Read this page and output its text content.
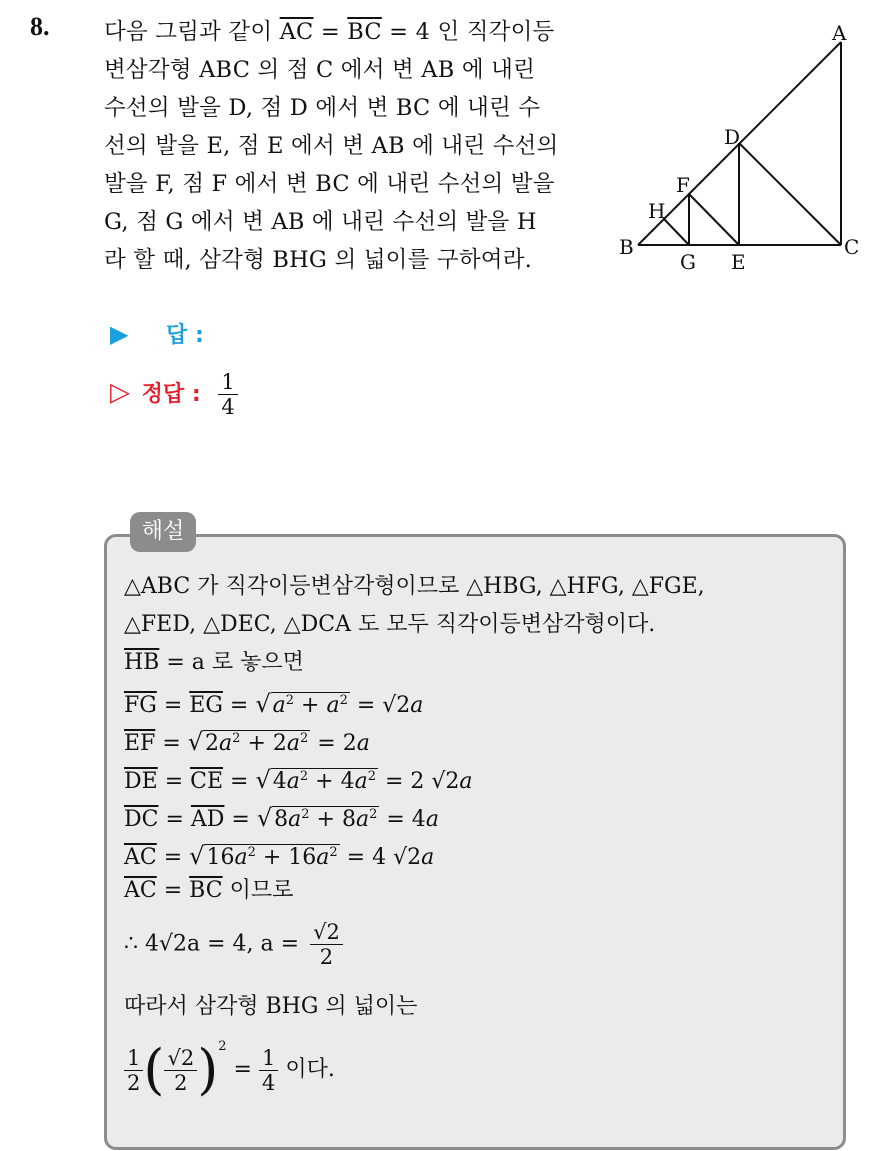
8. 다음 그림과 같이 $\overline{AC} = \overline{BC} = 4$ 인 직각이등
변삼각형 ABC 의 점 C 에서 변 AB 에 내린
수선의 발을 D, 점 D 에서 변 BC 에 내린 수
선의 발을 E, 점 E 에서 변 AB 에 내린 수선의
발을 F, 점 F 에서 변 BC 에 내린 수선의 발을
G, 점 G 에서 변 AB 에 내린 수선의 발을 H
라 할 때, 삼각형 BHG 의 넓이를 구하여라.
A
B	C
D
E
F
G
H
▶ 답 :
▷ 정답 : $\frac{1}{4}$
해설
△ABC 가 직각이등변삼각형이므로 △HBG, △HFG, △FGE,
△FED, △DEC, △DCA 도 모두 직각이등변삼각형이다.
$\overline{HB} = a$ 로 놓으면
$\overline{FG} = \overline{EG} = √a^2 + a^2 = √2a$
$\overline{EF} = √2a^2 + 2a^2 = 2a$
$\overline{DE} = \overline{CE} = √4a^2 + 4a^2 = 2$ √2a
$\overline{DC} = \overline{AD} = √8a^2 + 8a^2 = 4a$
$\overline{AC} = √16a^2 + 16a^2 = 4$ √2a
$\overline{AC} = \overline{BC}$ 이므로
∴ 4√2a = 4, $a = \frac{√2}{2}$
따라서 삼각형 BHG 의 넓이는
$\frac{1}{2}$ ( $\frac{√2}{2} )^2 = \frac{1}{4}$ 이다.
